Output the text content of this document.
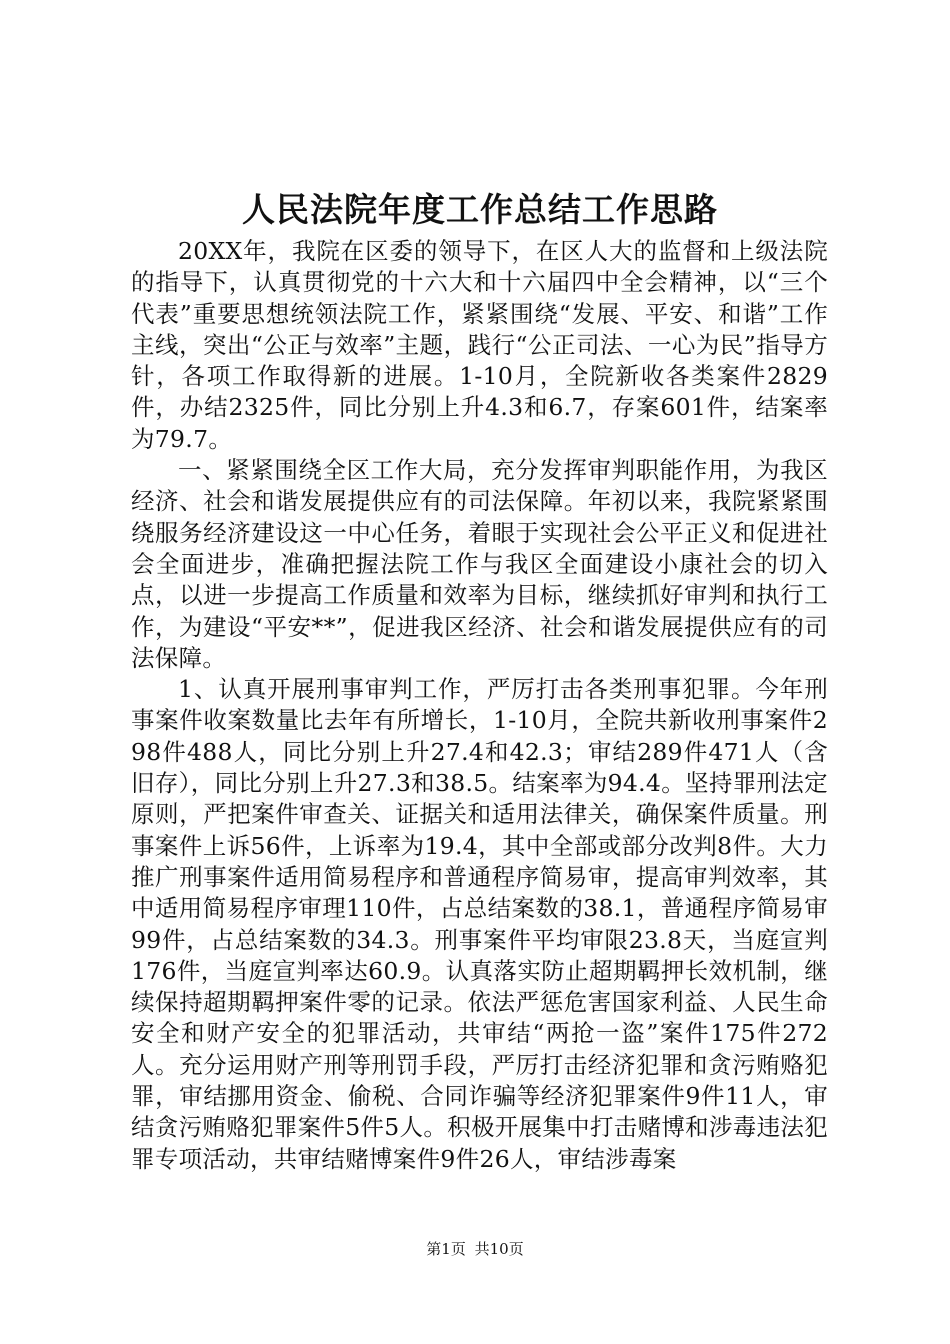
人民法院年度工作总结工作思路

20XX年，我院在区委的领导下，在区人大的监督和上级法院的指导下，认真贯彻党的十六大和十六届四中全会精神，以“三个代表”重要思想统领法院工作，紧紧围绕“发展、平安、和谐”工作主线，突出“公正与效率”主题，践行“公正司法、一心为民”指导方针，各项工作取得新的进展。1-10月，全院新收各类案件2829件，办结2325件，同比分别上升4.3和6.7，存案601件，结案率为79.7。

一、紧紧围绕全区工作大局，充分发挥审判职能作用，为我区经济、社会和谐发展提供应有的司法保障。年初以来，我院紧紧围绕服务经济建设这一中心任务，着眼于实现社会公平正义和促进社会全面进步，准确把握法院工作与我区全面建设小康社会的切入点，以进一步提高工作质量和效率为目标，继续抓好审判和执行工作，为建设“平安**”，促进我区经济、社会和谐发展提供应有的司法保障。

1、认真开展刑事审判工作，严厉打击各类刑事犯罪。今年刑事案件收案数量比去年有所增长，1-10月，全院共新收刑事案件298件488人，同比分别上升27.4和42.3；审结289件471人（含旧存），同比分别上升27.3和38.5。结案率为94.4。坚持罪刑法定原则，严把案件审查关、证据关和适用法律关，确保案件质量。刑事案件上诉56件，上诉率为19.4，其中全部或部分改判8件。大力推广刑事案件适用简易程序和普通程序简易审，提高审判效率，其中适用简易程序审理110件，占总结案数的38.1，普通程序简易审99件，占总结案数的34.3。刑事案件平均审限23.8天，当庭宣判176件，当庭宣判率达60.9。认真落实防止超期羁押长效机制，继续保持超期羁押案件零的记录。依法严惩危害国家利益、人民生命安全和财产安全的犯罪活动，共审结“两抢一盗”案件175件272人。充分运用财产刑等刑罚手段，严厉打击经济犯罪和贪污贿赂犯罪，审结挪用资金、偷税、合同诈骗等经济犯罪案件9件11人，审结贪污贿赂犯罪案件5件5人。积极开展集中打击赌博和涉毒违法犯罪专项活动，共审结赌博案件9件26人，审结涉毒案

第1页 共10页
